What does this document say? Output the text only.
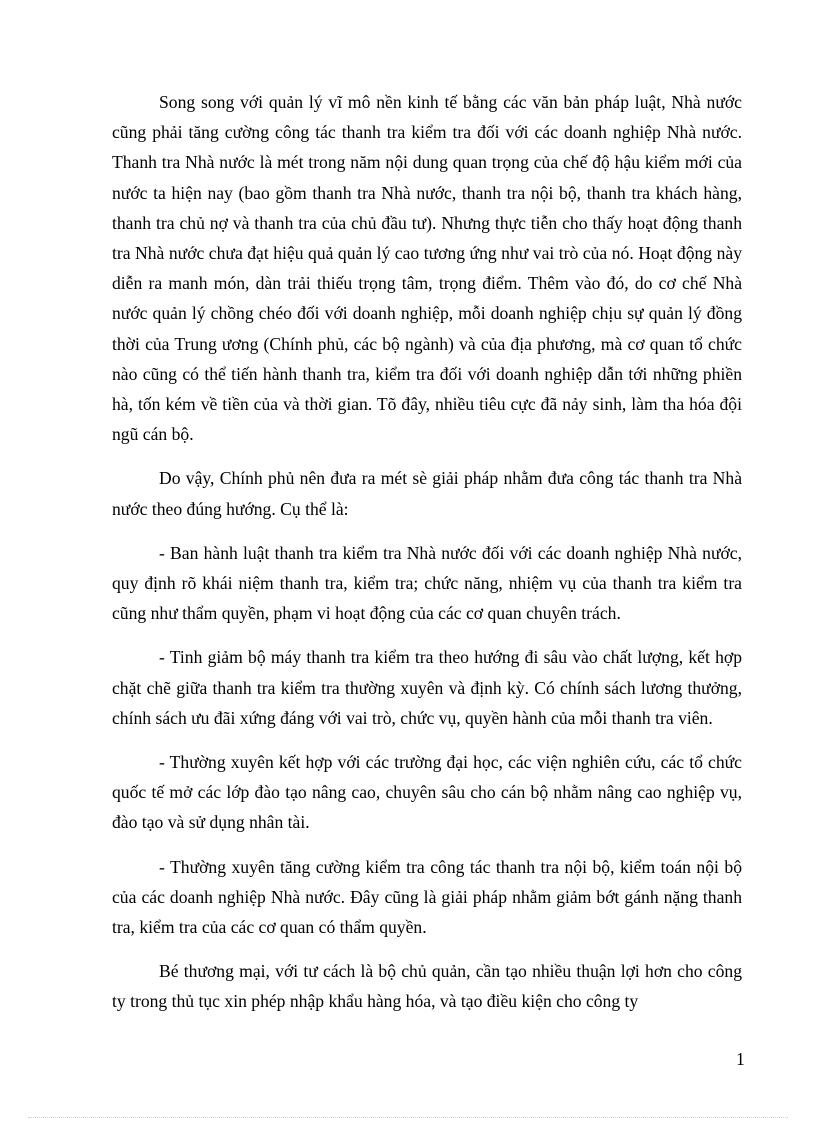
Song song với quản lý vĩ mô nền kinh tế bằng các văn bản pháp luật, Nhà nước cũng phải tăng cường công tác thanh tra kiểm tra đối với các doanh nghiệp Nhà nước. Thanh tra Nhà nước là mét trong năm nội dung quan trọng của chế độ hậu kiểm mới của nước ta hiện nay (bao gồm thanh tra Nhà nước, thanh tra nội bộ, thanh tra khách hàng, thanh tra chủ nợ và thanh tra của chủ đầu tư). Nhưng thực tiễn cho thấy hoạt động thanh tra Nhà nước chưa đạt hiệu quả quản lý cao tương ứng như vai trò của nó. Hoạt động này diễn ra manh món, dàn trải thiếu trọng tâm, trọng điểm. Thêm vào đó, do cơ chế Nhà nước quản lý chồng chéo đối với doanh nghiệp, mỗi doanh nghiệp chịu sự quản lý đồng thời của Trung ương (Chính phủ, các bộ ngành) và của địa phương, mà cơ quan tổ chức nào cũng có thể tiến hành thanh tra, kiểm tra đối với doanh nghiệp dẫn tới những phiền hà, tốn kém về tiền của và thời gian. Tõ đây, nhiều tiêu cực đã nảy sinh, làm tha hóa đội ngũ cán bộ.

Do vậy, Chính phủ nên đưa ra mét sè giải pháp nhằm đưa công tác thanh tra Nhà nước theo đúng hướng. Cụ thể là:

- Ban hành luật thanh tra kiểm tra Nhà nước đối với các doanh nghiệp Nhà nước, quy định rõ khái niệm thanh tra, kiểm tra; chức năng, nhiệm vụ của thanh tra kiểm tra cũng như thẩm quyền, phạm vi hoạt động của các cơ quan chuyên trách.

- Tinh giảm bộ máy thanh tra kiểm tra theo hướng đi sâu vào chất lượng, kết hợp chặt chẽ giữa thanh tra kiểm tra thường xuyên và định kỳ. Có chính sách lương thưởng, chính sách ưu đãi xứng đáng với vai trò, chức vụ, quyền hành của mỗi thanh tra viên.

- Thường xuyên kết hợp với các trường đại học, các viện nghiên cứu, các tổ chức quốc tế mở các lớp đào tạo nâng cao, chuyên sâu cho cán bộ nhằm nâng cao nghiệp vụ, đào tạo và sử dụng nhân tài.

- Thường xuyên tăng cường kiểm tra công tác thanh tra nội bộ, kiểm toán nội bộ của các doanh nghiệp Nhà nước. Đây cũng là giải pháp nhằm giảm bớt gánh nặng thanh tra, kiểm tra của các cơ quan có thẩm quyền.

Bé thương mại, với tư cách là bộ chủ quản, cần tạo nhiều thuận lợi hơn cho công ty trong thủ tục xin phép nhập khẩu hàng hóa, và tạo điều kiện cho công ty

1
